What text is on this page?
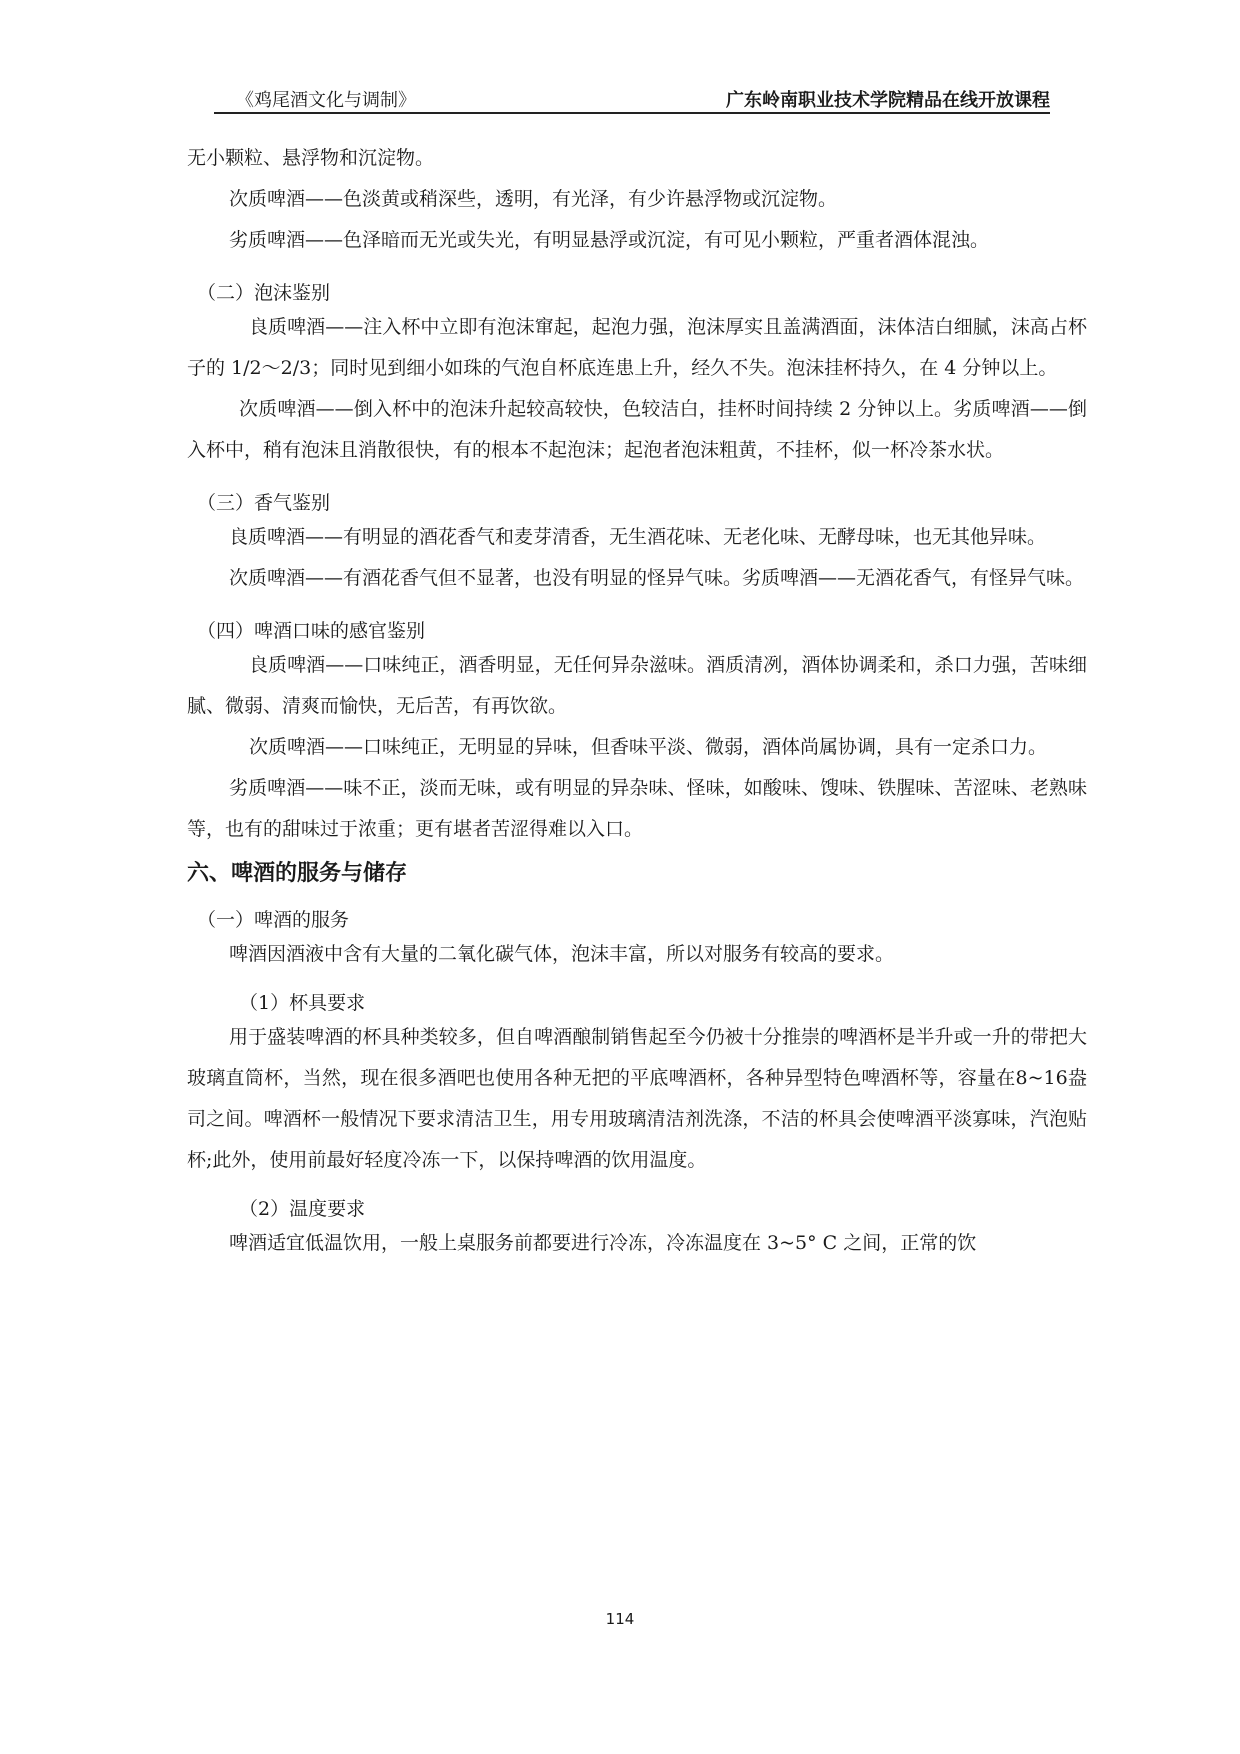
《鸡尾酒文化与调制》	广东岭南职业技术学院精品在线开放课程
无小颗粒、悬浮物和沉淀物。
次质啤酒——色淡黄或稍深些，透明，有光泽，有少许悬浮物或沉淀物。
劣质啤酒——色泽暗而无光或失光，有明显悬浮或沉淀，有可见小颗粒，严重者酒体混浊。
（二）泡沫鉴别
良质啤酒——注入杯中立即有泡沫窜起，起泡力强，泡沫厚实且盖满酒面，沫体洁白细腻，沫高占杯子的 1/2～2/3；同时见到细小如珠的气泡自杯底连患上升，经久不失。泡沫挂杯持久，在 4 分钟以上。
次质啤酒——倒入杯中的泡沫升起较高较快，色较洁白，挂杯时间持续 2 分钟以上。劣质啤酒——倒入杯中，稍有泡沫且消散很快，有的根本不起泡沫；起泡者泡沫粗黄，不挂杯，似一杯冷茶水状。
（三）香气鉴别
良质啤酒——有明显的酒花香气和麦芽清香，无生酒花味、无老化味、无酵母味，也无其他异味。
次质啤酒——有酒花香气但不显著，也没有明显的怪异气味。劣质啤酒——无酒花香气，有怪异气味。
（四）啤酒口味的感官鉴别
良质啤酒——口味纯正，酒香明显，无任何异杂滋味。酒质清冽，酒体协调柔和，杀口力强，苦味细腻、微弱、清爽而愉快，无后苦，有再饮欲。
次质啤酒——口味纯正，无明显的异味，但香味平淡、微弱，酒体尚属协调，具有一定杀口力。
劣质啤酒——味不正，淡而无味，或有明显的异杂味、怪味，如酸味、馊味、铁腥味、苦涩味、老熟味等，也有的甜味过于浓重；更有堪者苦涩得难以入口。
六、啤酒的服务与储存
（一）啤酒的服务
啤酒因酒液中含有大量的二氧化碳气体，泡沫丰富，所以对服务有较高的要求。
（1）杯具要求
用于盛装啤酒的杯具种类较多，但自啤酒酿制销售起至今仍被十分推崇的啤酒杯是半升或一升的带把大玻璃直筒杯，当然，现在很多酒吧也使用各种无把的平底啤酒杯，各种异型特色啤酒杯等，容量在8~16盎司之间。啤酒杯一般情况下要求清洁卫生，用专用玻璃清洁剂洗涤，不洁的杯具会使啤酒平淡寡味，汽泡贴杯;此外，使用前最好轻度冷冻一下，以保持啤酒的饮用温度。
（2）温度要求
啤酒适宜低温饮用，一般上桌服务前都要进行冷冻，冷冻温度在 3~5° C 之间，正常的饮
114
